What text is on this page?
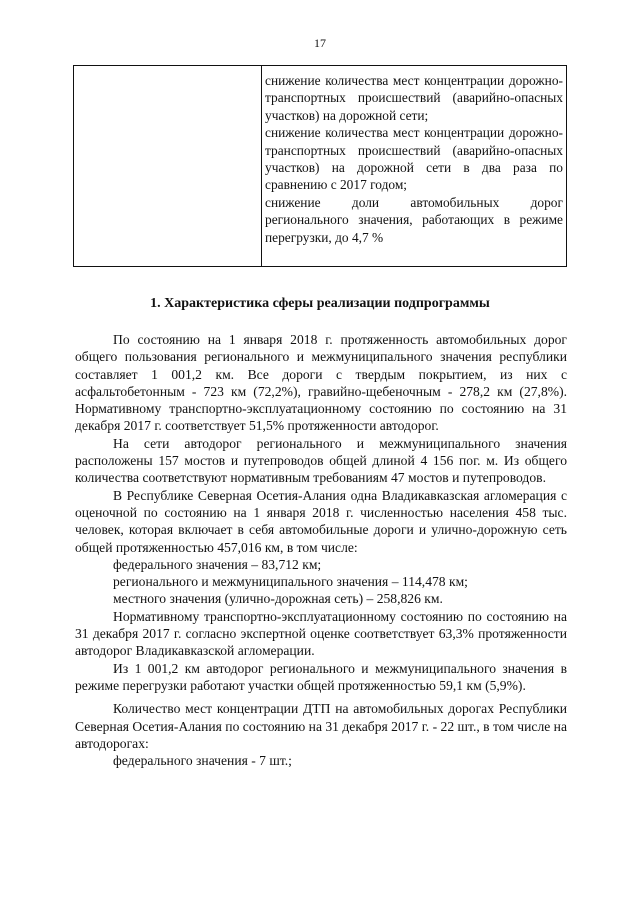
17

снижение количества мест концентрации дорожно-транспортных происшествий (аварийно-опасных участков) на дорожной сети;
снижение количества мест концентрации дорожно-транспортных происшествий (аварийно-опасных участков) на дорожной сети в два раза по сравнению с 2017 годом;
снижение доли автомобильных дорог регионального значения, работающих в режиме перегрузки, до 4,7 %
1. Характеристика сферы реализации подпрограммы

По состоянию на 1 января 2018 г. протяженность автомобильных дорог общего пользования регионального и межмуниципального значения республики составляет 1 001,2 км. Все дороги с твердым покрытием, из них с асфальтобетонным - 723 км (72,2%), гравийно-щебеночным - 278,2 км (27,8%). Нормативному транспортно-эксплуатационному состоянию по состоянию на 31 декабря 2017 г. соответствует 51,5% протяженности автодорог.

На сети автодорог регионального и межмуниципального значения расположены 157 мостов и путепроводов общей длиной 4 156 пог. м. Из общего количества соответствуют нормативным требованиям 47 мостов и путепроводов.

В Республике Северная Осетия-Алания одна Владикавказская агломерация с оценочной по состоянию на 1 января 2018 г. численностью населения 458 тыс. человек, которая включает в себя автомобильные дороги и улично-дорожную сеть общей протяженностью 457,016 км, в том числе:

федерального значения – 83,712 км;

регионального и межмуниципального значения – 114,478 км;

местного значения (улично-дорожная сеть) – 258,826 км.

Нормативному транспортно-эксплуатационному состоянию по состоянию на 31 декабря 2017 г. согласно экспертной оценке соответствует 63,3% протяженности автодорог Владикавказской агломерации.

Из 1 001,2 км автодорог регионального и межмуниципального значения в режиме перегрузки работают участки общей протяженностью 59,1 км (5,9%).

Количество мест концентрации ДТП на автомобильных дорогах Республики Северная Осетия-Алания по состоянию на 31 декабря 2017 г. - 22 шт., в том числе на автодорогах:

федерального значения - 7 шт.;
